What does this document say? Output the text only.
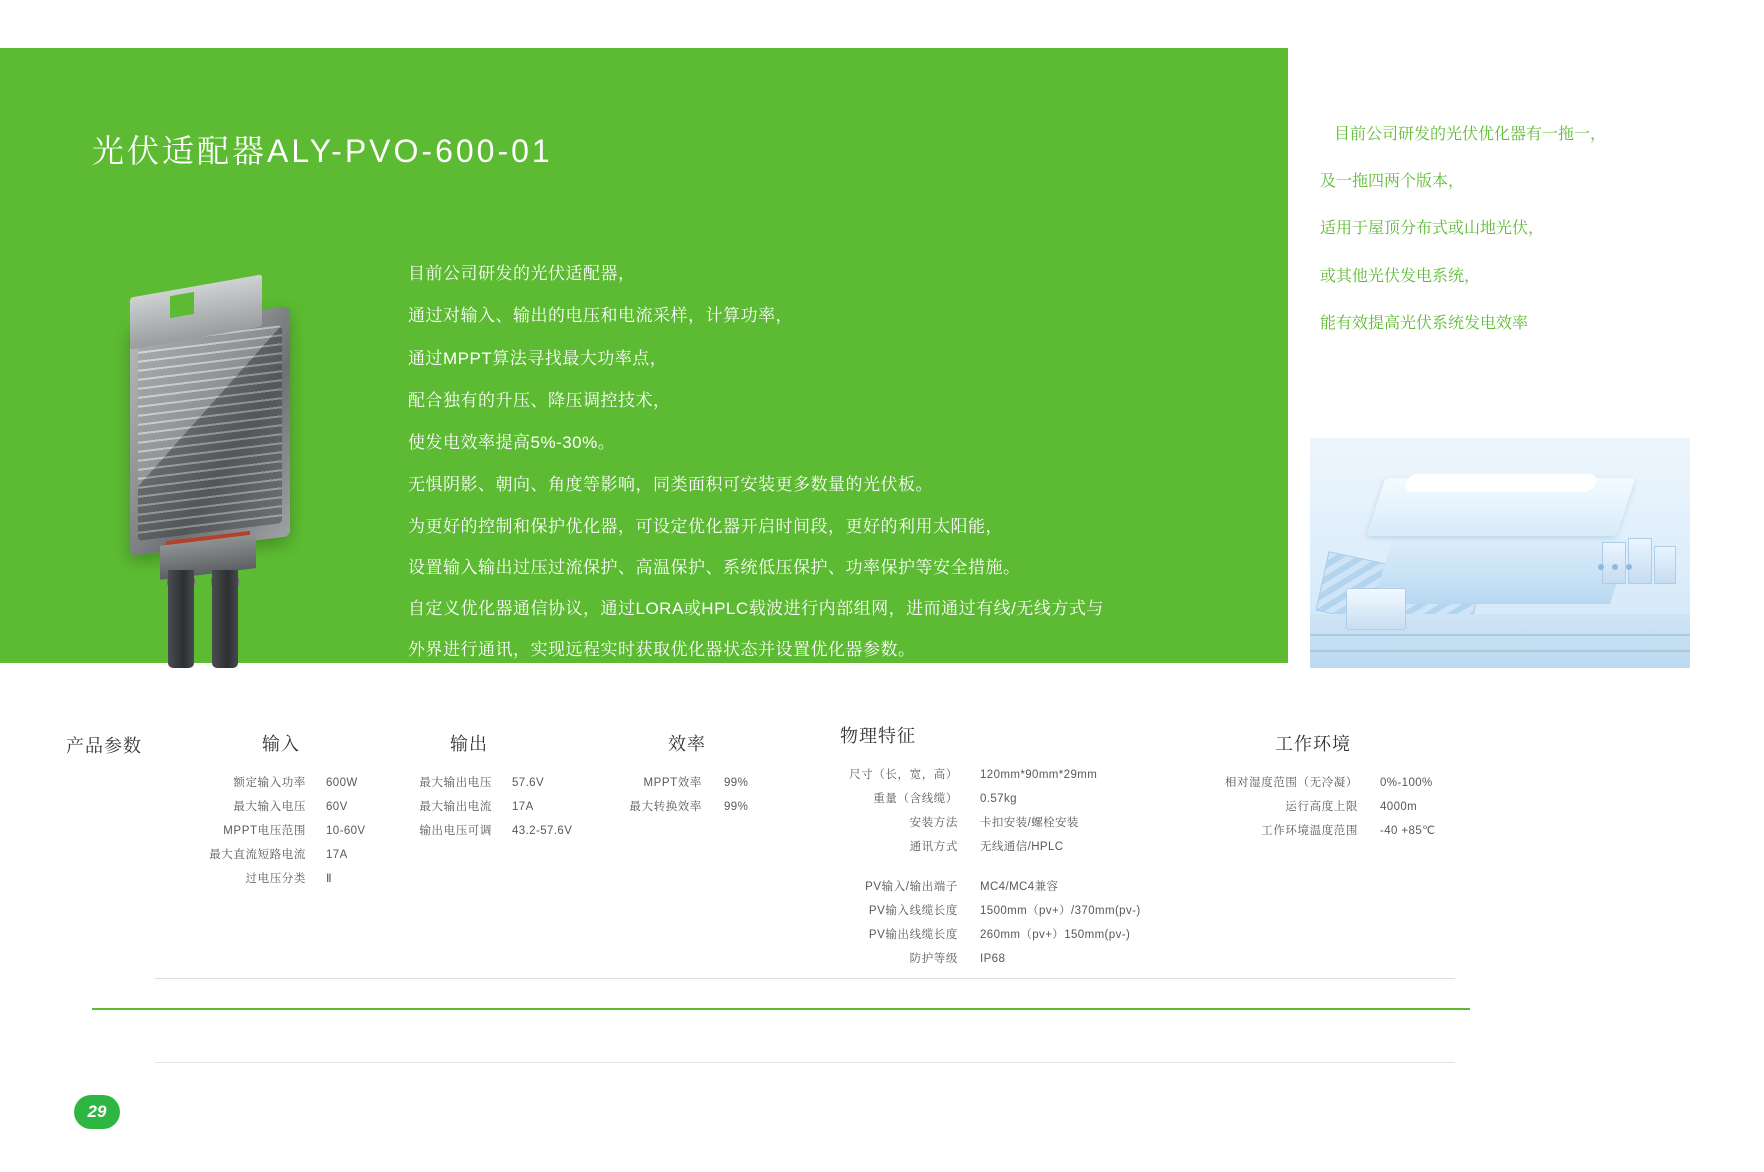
光伏适配器ALY-PVO-600-01

目前公司研发的光伏适配器，

通过对输入、输出的电压和电流采样，计算功率，

通过MPPT算法寻找最大功率点，

配合独有的升压、降压调控技术，

使发电效率提高5%-30%。

无惧阴影、朝向、角度等影响，同类面积可安装更多数量的光伏板。

为更好的控制和保护优化器，可设定优化器开启时间段，更好的利用太阳能，

设置输入输出过压过流保护、高温保护、系统低压保护、功率保护等安全措施。

自定义优化器通信协议，通过LORA或HPLC载波进行内部组网，进而通过有线/无线方式与

外界进行通讯，实现远程实时获取优化器状态并设置优化器参数。

目前公司研发的光伏优化器有一拖一，

及一拖四两个版本，

适用于屋顶分布式或山地光伏，

或其他光伏发电系统，

能有效提高光伏系统发电效率

产品参数	输入
额定输入功率 600W
最大输入电压 60V
MPPT电压范围 10-60V
最大直流短路电流 17A
过电压分类 Ⅱ
输出
最大输出电压 57.6V
最大输出电流 17A
输出电压可调 43.2-57.6V
效率
MPPT效率 99%
最大转换效率 99%
物理特征
尺寸（长，宽，高） 120mm*90mm*29mm
重量（含线缆） 0.57kg
安装方法 卡扣安装/螺栓安装
通讯方式 无线通信/HPLC
PV输入/输出端子 MC4/MC4兼容
PV输入线缆长度 1500mm（pv+）/370mm(pv-)
PV输出线缆长度 260mm（pv+）150mm(pv-)
防护等级 IP68
工作环境
相对湿度范围（无冷凝） 0%-100%
运行高度上限 4000m
工作环境温度范围 -40 +85℃
29
